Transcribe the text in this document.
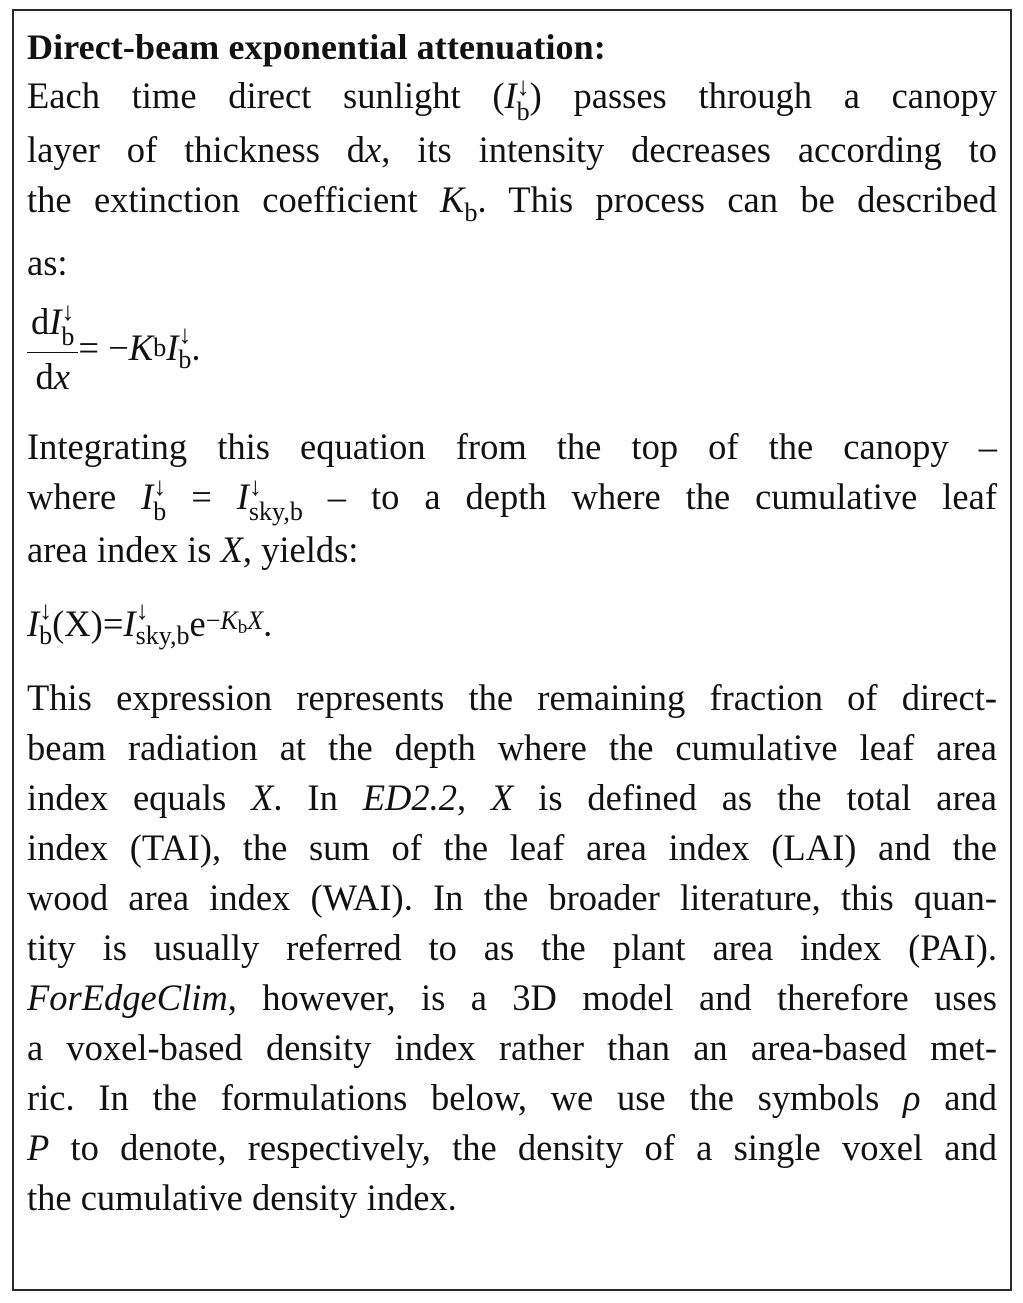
Direct-beam exponential attenuation:

Each time direct sunlight (I ↓
b ) passes through a canopy
layer of thickness dx, its intensity decreases according to
the extinction coefficient $K_b$. This process can be described
as:
dI ↓
b
dx = − K b I ↓
b .
Integrating this equation from the top of the canopy –
where I ↓
b = I ↓
sky,b – to a depth where the cumulative leaf
area index is X, yields:
I ↓
b (X) = I ↓
sky,b e −KbX .
This expression represents the remaining fraction of direct-
beam radiation at the depth where the cumulative leaf area
index equals X. In ED2.2, X is defined as the total area
index (TAI), the sum of the leaf area index (LAI) and the
wood area index (WAI). In the broader literature, this quan-
tity is usually referred to as the plant area index (PAI).
ForEdgeClim, however, is a 3D model and therefore uses
a voxel-based density index rather than an area-based met-
ric. In the formulations below, we use the symbols ρ and
P to denote, respectively, the density of a single voxel and
the cumulative density index.
